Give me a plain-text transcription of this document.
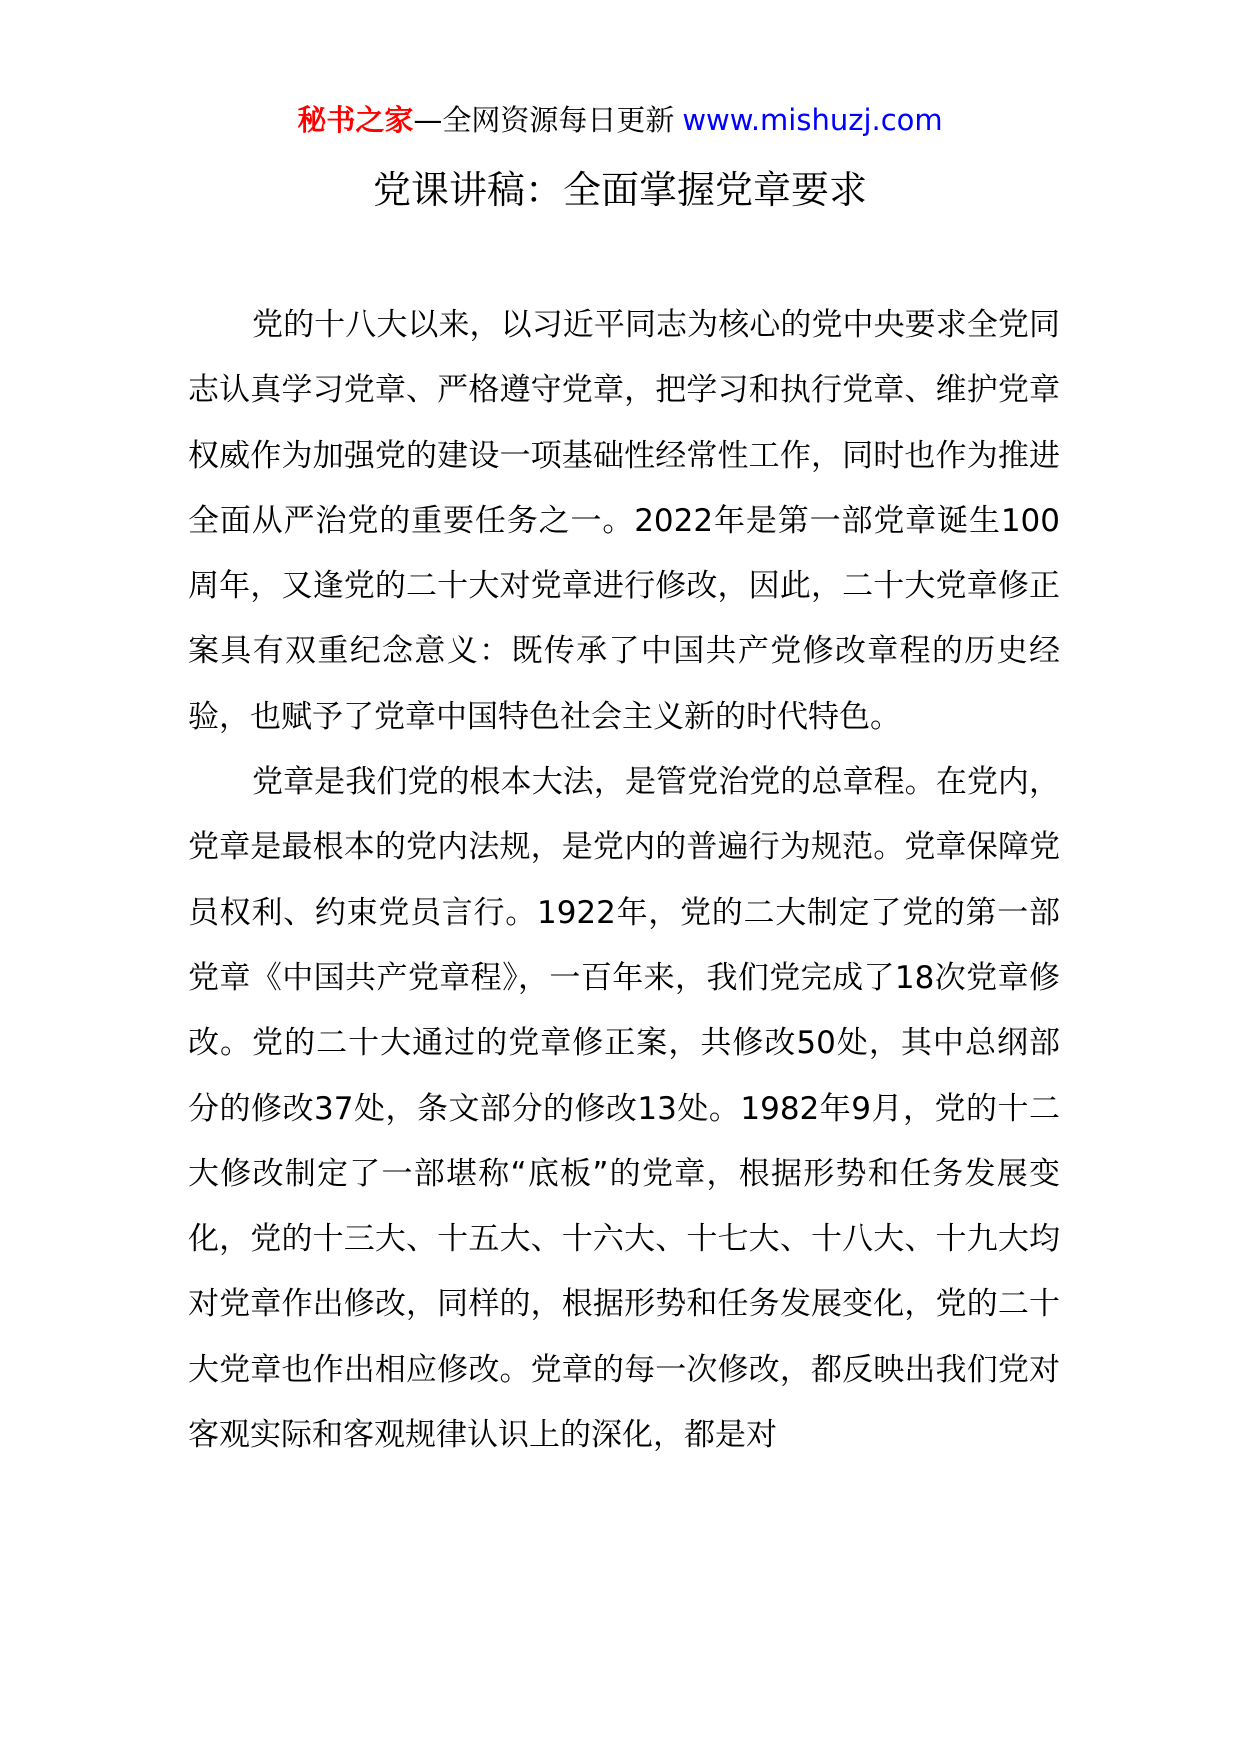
秘书之家—全网资源每日更新 www.mishuzj.com
党课讲稿：全面掌握党章要求

党的十八大以来，以习近平同志为核心的党中央要求全党同志认真学习党章、严格遵守党章，把学习和执行党章、维护党章权威作为加强党的建设一项基础性经常性工作，同时也作为推进全面从严治党的重要任务之一。2022年是第一部党章诞生100周年，又逢党的二十大对党章进行修改，因此，二十大党章修正案具有双重纪念意义：既传承了中国共产党修改章程的历史经验，也赋予了党章中国特色社会主义新的时代特色。

党章是我们党的根本大法，是管党治党的总章程。在党内，党章是最根本的党内法规，是党内的普遍行为规范。党章保障党员权利、约束党员言行。1922年，党的二大制定了党的第一部党章《中国共产党章程》，一百年来，我们党完成了18次党章修改。党的二十大通过的党章修正案，共修改50处，其中总纲部分的修改37处，条文部分的修改13处。1982年9月，党的十二大修改制定了一部堪称“底板”的党章，根据形势和任务发展变化，党的十三大、十五大、十六大、十七大、十八大、十九大均对党章作出修改，同样的，根据形势和任务发展变化，党的二十大党章也作出相应修改。党章的每一次修改，都反映出我们党对客观实际和客观规律认识上的深化，都是对
